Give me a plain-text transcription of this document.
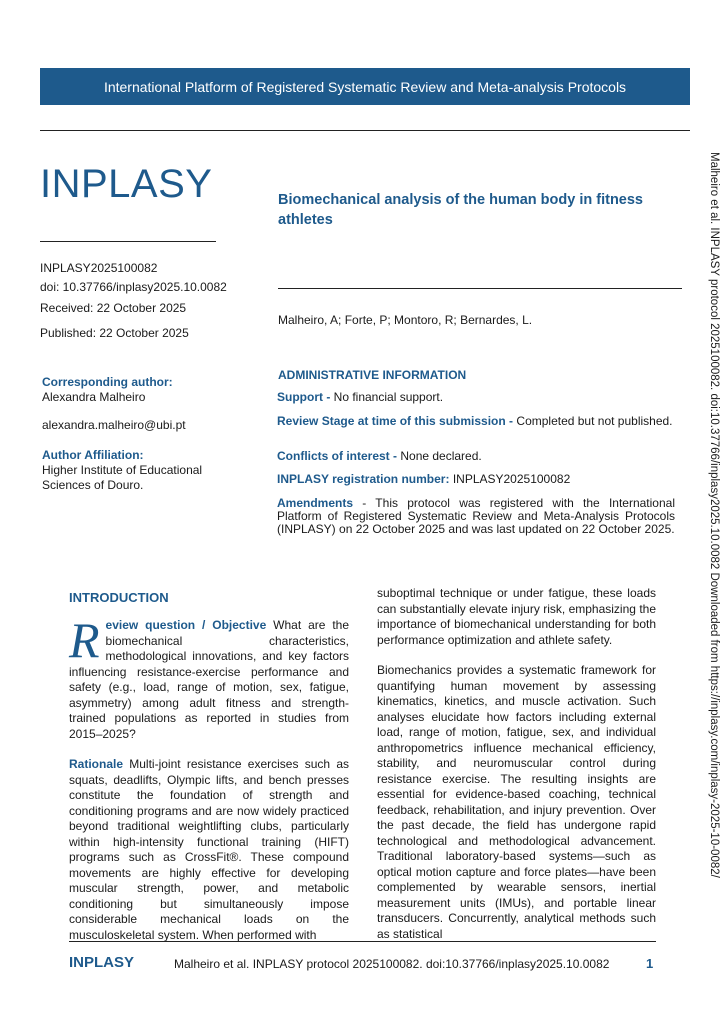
International Platform of Registered Systematic Review and Meta-analysis Protocols
INPLASY	Biomechanical analysis of the human body in fitness athletes
INPLASY2025100082
doi: 10.37766/inplasy2025.10.0082
Received: 22 October 2025
Published: 22 October 2025
Malheiro, A; Forte, P; Montoro, R; Bernardes, L.
Corresponding author:
Alexandra Malheiro
alexandra.malheiro@ubi.pt
Author Affiliation:
Higher Institute of Educational Sciences of Douro.
ADMINISTRATIVE INFORMATION
Support - No financial support.
Review Stage at time of this submission - Completed but not published.
Conflicts of interest - None declared.
INPLASY registration number: INPLASY2025100082
Amendments - This protocol was registered with the International Platform of Registered Systematic Review and Meta-Analysis Protocols (INPLASY) on 22 October 2025 and was last updated on 22 October 2025.
INTRODUCTION

Review question / Objective What are the biomechanical characteristics, methodological innovations, and key factors influencing resistance-exercise performance and safety (e.g., load, range of motion, sex, fatigue, asymmetry) among adult fitness and strength-trained populations as reported in studies from 2015–2025?

Rationale Multi-joint resistance exercises such as squats, deadlifts, Olympic lifts, and bench presses constitute the foundation of strength and conditioning programs and are now widely practiced beyond traditional weightlifting clubs, particularly within high-intensity functional training (HIFT) programs such as CrossFit®. These compound movements are highly effective for developing muscular strength, power, and metabolic conditioning but simultaneously impose considerable mechanical loads on the musculoskeletal system. When performed with

suboptimal technique or under fatigue, these loads can substantially elevate injury risk, emphasizing the importance of biomechanical understanding for both performance optimization and athlete safety.

Biomechanics provides a systematic framework for quantifying human movement by assessing kinematics, kinetics, and muscle activation. Such analyses elucidate how factors including external load, range of motion, fatigue, sex, and individual anthropometrics influence mechanical efficiency, stability, and neuromuscular control during resistance exercise. The resulting insights are essential for evidence-based coaching, technical feedback, rehabilitation, and injury prevention. Over the past decade, the field has undergone rapid technological and methodological advancement. Traditional laboratory-based systems—such as optical motion capture and force plates—have been complemented by wearable sensors, inertial measurement units (IMUs), and portable linear transducers. Concurrently, analytical methods such as statistical

Malheiro et al. INPLASY protocol 2025100082. doi:10.37766/inplasy2025.10.0082 Downloaded from https://inplasy.com/inplasy-2025-10-0082/
INPLASY	Malheiro et al. INPLASY protocol 2025100082. doi:10.37766/inplasy2025.10.0082	1
